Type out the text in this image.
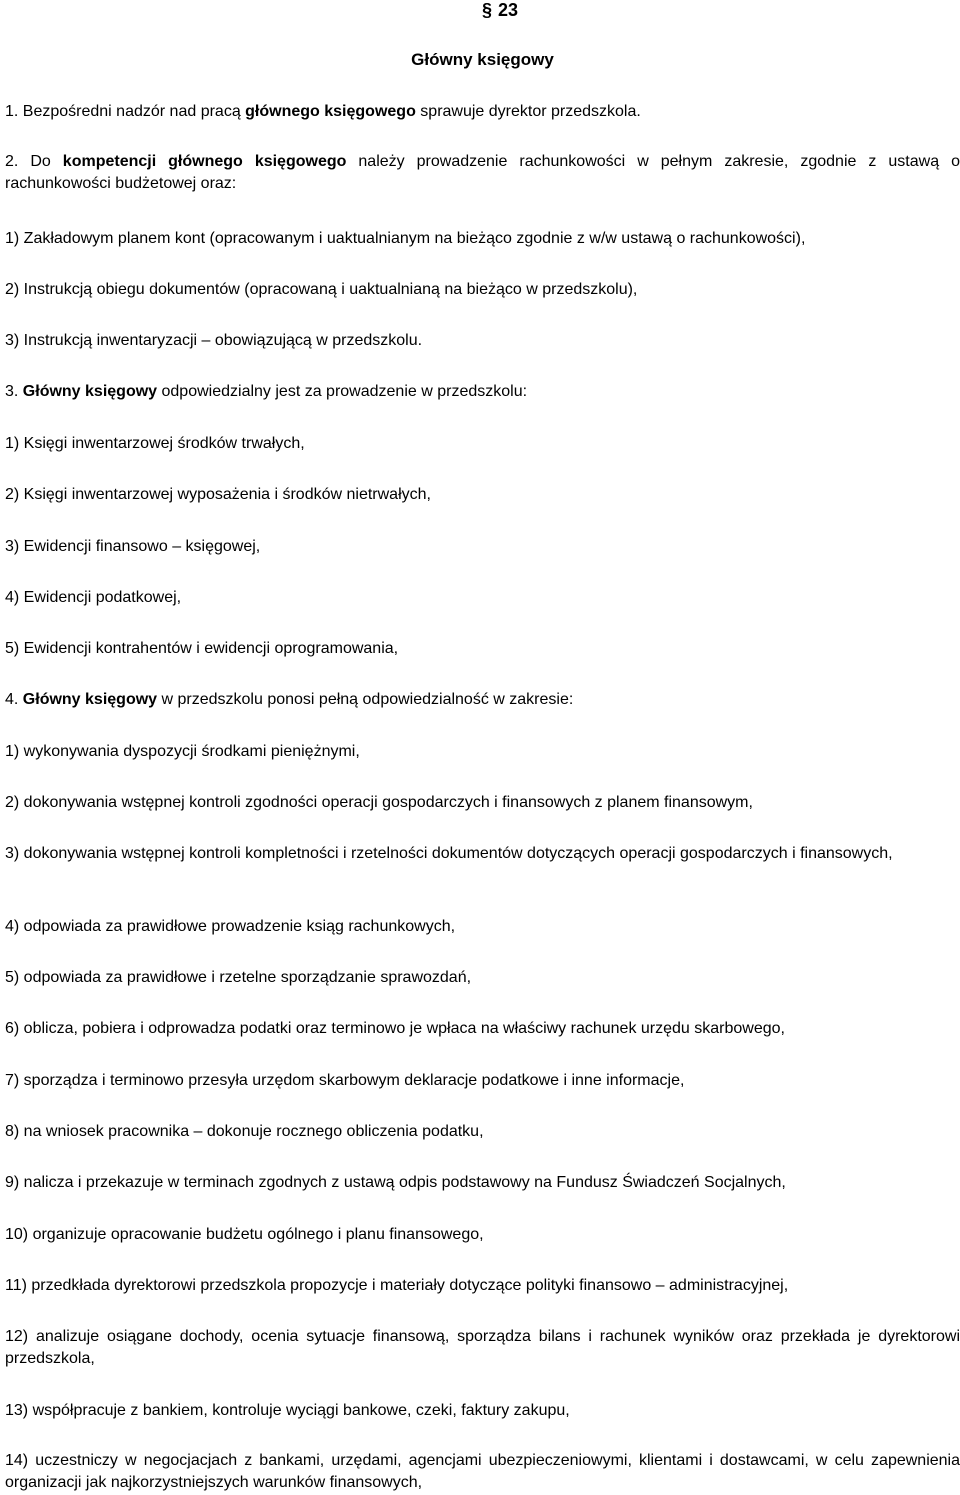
§ 23
Główny księgowy
1. Bezpośredni nadzór nad pracą głównego księgowego sprawuje dyrektor przedszkola.
2. Do kompetencji głównego księgowego należy prowadzenie rachunkowości w pełnym zakresie, zgodnie z ustawą o rachunkowości budżetowej oraz:
1) Zakładowym planem kont (opracowanym i uaktualnianym na bieżąco zgodnie z w/w ustawą o rachunkowości),
2) Instrukcją obiegu dokumentów (opracowaną i uaktualnianą na bieżąco w przedszkolu),
3) Instrukcją inwentaryzacji – obowiązującą w przedszkolu.
3. Główny księgowy odpowiedzialny jest za prowadzenie w przedszkolu:
1) Księgi inwentarzowej środków trwałych,
2) Księgi inwentarzowej wyposażenia i środków nietrwałych,
3) Ewidencji finansowo – księgowej,
4) Ewidencji podatkowej,
5) Ewidencji kontrahentów i ewidencji oprogramowania,
4. Główny księgowy w przedszkolu ponosi pełną odpowiedzialność w zakresie:
1) wykonywania dyspozycji środkami pieniężnymi,
2) dokonywania wstępnej kontroli zgodności operacji gospodarczych i finansowych z planem finansowym,
3) dokonywania wstępnej kontroli kompletności i rzetelności dokumentów dotyczących operacji gospodarczych i finansowych,
4) odpowiada za prawidłowe prowadzenie ksiąg rachunkowych,
5) odpowiada za prawidłowe i rzetelne sporządzanie sprawozdań,
6) oblicza, pobiera i odprowadza podatki oraz terminowo je wpłaca na właściwy rachunek urzędu skarbowego,
7) sporządza i terminowo przesyła urzędom skarbowym deklaracje podatkowe i inne informacje,
8) na wniosek pracownika – dokonuje rocznego obliczenia podatku,
9) nalicza i przekazuje w terminach zgodnych z ustawą odpis podstawowy na Fundusz Świadczeń Socjalnych,
10) organizuje opracowanie budżetu ogólnego i planu finansowego,
11) przedkłada dyrektorowi przedszkola propozycje i materiały dotyczące polityki finansowo – administracyjnej,
12) analizuje osiągane dochody, ocenia sytuacje finansową, sporządza bilans i rachunek wyników oraz przekłada je dyrektorowi przedszkola,
13) współpracuje z bankiem, kontroluje wyciągi bankowe, czeki, faktury zakupu,
14) uczestniczy w negocjacjach z bankami, urzędami, agencjami ubezpieczeniowymi, klientami i dostawcami, w celu zapewnienia organizacji jak najkorzystniejszych warunków finansowych,
